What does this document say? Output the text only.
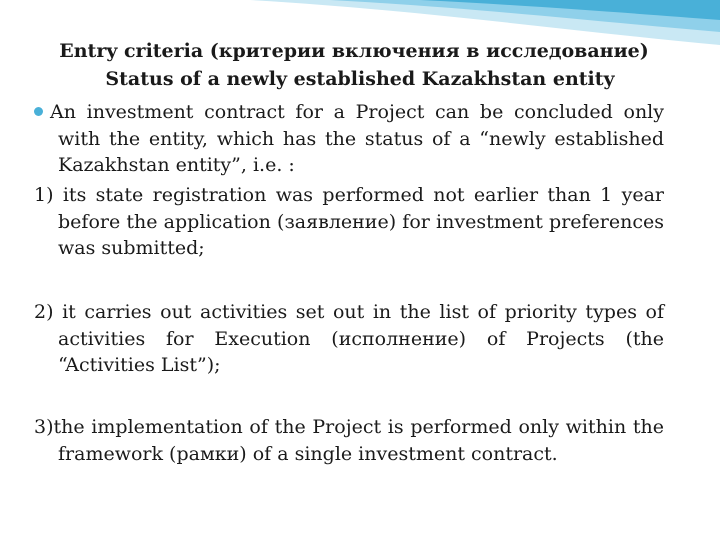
Entry criteria (критерии включения в исследование)
Status of a newly established Kazakhstan entity
An investment contract for a Project can be concluded only with the entity, which has the status of a “newly established Kazakhstan entity”, i.e. :
1) its state registration was performed not earlier than 1 year before the application (заявление) for investment preferences was submitted;
2) it carries out activities set out in the list of priority types of activities for Execution (исполнение) of Projects (the “Activities List”);
3)the implementation of the Project is performed only within the framework (рамки) of a single investment contract.
